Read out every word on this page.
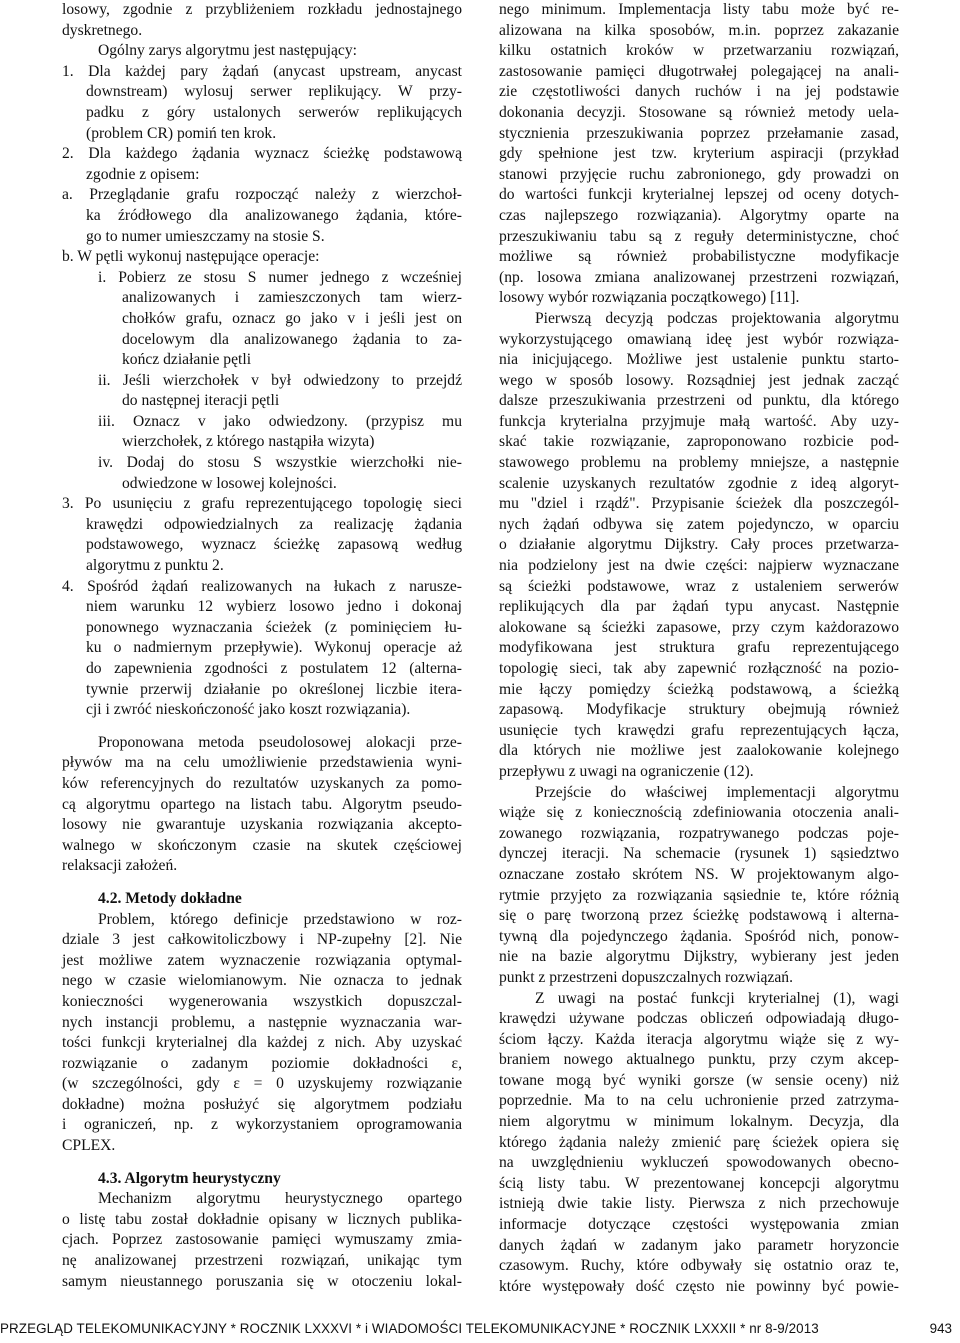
losowy, zgodnie z przybliżeniem rozkładu jednostajnego
dyskretnego.
Ogólny zarys algorytmu jest następujący:
1. Dla każdej pary żądań (anycast upstream, anycast
downstream) wylosuj serwer replikujący. W przy-
padku z góry ustalonych serwerów replikujących
(problem CR) pomiń ten krok.
2. Dla każdego żądania wyznacz ścieżkę podstawową
zgodnie z opisem:
a. Przeglądanie grafu rozpocząć należy z wierzchoł-
ka źródłowego dla analizowanego żądania, które-
go to numer umieszczamy na stosie S.
b. W pętli wykonuj następujące operacje:
i. Pobierz ze stosu S numer jednego z wcześniej
analizowanych i zamieszczonych tam wierz-
chołków grafu, oznacz go jako v i jeśli jest on
docelowym dla analizowanego żądania to za-
kończ działanie pętli
ii. Jeśli wierzchołek v był odwiedzony to przejdź
do następnej iteracji pętli
iii. Oznacz v jako odwiedzony. (przypisz mu
wierzchołek, z którego nastąpiła wizyta)
iv. Dodaj do stosu S wszystkie wierzchołki nie-
odwiedzone w losowej kolejności.
3. Po usunięciu z grafu reprezentującego topologię sieci
krawędzi odpowiedzialnych za realizację żądania
podstawowego, wyznacz ścieżkę zapasową według
algorytmu z punktu 2.
4. Spośród żądań realizowanych na łukach z naruszе-
niem warunku 12 wybierz losowo jedno i dokonaj
ponownego wyznaczania ścieżek (z pominięciem łu-
ku o nadmiernym przepływie). Wykonuj operacje aż
do zapewnienia zgodności z postulatem 12 (alterna-
tywnie przerwij działanie po określonej liczbie itera-
cji i zwróć nieskończoność jako koszt rozwiązania).
Proponowana metoda pseudolosowej alokacji prze-
pływów ma na celu umożliwienie przedstawienia wyni-
ków referencyjnych do rezultatów uzyskanych za pomo-
cą algorytmu opartego na listach tabu. Algorytm pseudo-
losowy nie gwarantuje uzyskania rozwiązania akcepto-
walnego w skończonym czasie na skutek częściowej
relaksacji założeń.
4.2. Metody dokładne
Problem, którego definicje przedstawiono w roz-
dziale 3 jest całkowitoliczbowy i NP-zupełny [2]. Nie
jest możliwe zatem wyznaczenie rozwiązania optymal-
nego w czasie wielomianowym. Nie oznacza to jednak
konieczności wygenerowania wszystkich dopuszczal-
nych instancji problemu, a następnie wyznaczania war-
tości funkcji kryterialnej dla każdej z nich. Aby uzyskać
rozwiązanie o zadanym poziomie dokładności ε,
(w szczególności, gdy ε = 0 uzyskujemy rozwiązanie
dokładne) można posłużyć się algorytmem podziału
i ograniczeń, np. z wykorzystaniem oprogramowania
CPLEX.
4.3. Algorytm heurystyczny
Mechanizm algorytmu heurystycznego opartego
o listę tabu został dokładnie opisany w licznych publika-
cjach. Poprzez zastosowanie pamięci wymuszamy zmia-
nę analizowanej przestrzeni rozwiązań, unikając tym
samym nieustannego poruszania się w otoczeniu lokal-
nego minimum. Implementacja listy tabu może być re-
alizowana na kilka sposobów, m.in. poprzez zakazanie
kilku ostatnich kroków w przetwarzaniu rozwiązań,
zastosowanie pamięci długotrwałej polegającej na anali-
zie częstotliwości danych ruchów i na jej podstawie
dokonania decyzji. Stosowane są również metody uela-
stycznienia przeszukiwania poprzez przełamanie zasad,
gdy spełnione jest tzw. kryterium aspiracji (przykład
stanowi przyjęcie ruchu zabronionego, gdy prowadzi on
do wartości funkcji kryterialnej lepszej od oceny dotych-
czas najlepszego rozwiązania). Algorytmy oparte na
przeszukiwaniu tabu są z reguły deterministyczne, choć
możliwe są również probabilistyczne modyfikacje
(np. losowa zmiana analizowanej przestrzeni rozwiązań,
losowy wybór rozwiązania początkowego) [11].
Pierwszą decyzją podczas projektowania algorytmu
wykorzystującego omawianą ideę jest wybór rozwiąza-
nia inicjującego. Możliwe jest ustalenie punktu starto-
wego w sposób losowy. Rozsądniej jest jednak zacząć
dalsze przeszukiwania przestrzeni od punktu, dla którego
funkcja kryterialna przyjmuje małą wartość. Aby uzy-
skać takie rozwiązanie, zaproponowano rozbicie pod-
stawowego problemu na problemy mniejsze, a następnie
scalenie uzyskanych rezultatów zgodnie z ideą algoryt-
mu "dziel i rządź". Przypisanie ścieżek dla poszczegól-
nych żądań odbywa się zatem pojedynczo, w oparciu
o działanie algorytmu Dijkstry. Cały proces przetwarza-
nia podzielony jest na dwie części: najpierw wyznaczane
są ścieżki podstawowe, wraz z ustaleniem serwerów
replikujących dla par żądań typu anycast. Następnie
alokowane są ścieżki zapasowe, przy czym każdorazowo
modyfikowana jest struktura grafu reprezentującego
topologię sieci, tak aby zapewnić rozłączność na pozio-
mie łączy pomiędzy ścieżką podstawową, a ścieżką
zapasową. Modyfikacje struktury obejmują również
usunięcie tych krawędzi grafu reprezentujących łącza,
dla których nie możliwe jest zaalokowanie kolejnego
przepływu z uwagi na ograniczenie (12).
Przejście do właściwej implementacji algorytmu
wiąże się z koniecznością zdefiniowania otoczenia anali-
zowanego rozwiązania, rozpatrywanego podczas poje-
dynczej iteracji. Na schemacie (rysunek 1) sąsiedztwo
oznaczane zostało skrótem NS. W projektowanym algo-
rytmie przyjęto za rozwiązania sąsiednie te, które różnią
się o parę tworzoną przez ścieżkę podstawową i alterna-
tywną dla pojedynczego żądania. Spośród nich, ponow-
nie na bazie algorytmu Dijkstry, wybierany jest jeden
punkt z przestrzeni dopuszczalnych rozwiązań.
Z uwagi na postać funkcji kryterialnej (1), wagi
krawędzi używane podczas obliczeń odpowiadają długo-
ściom łączy. Każda iteracja algorytmu wiąże się z wy-
braniem nowego aktualnego punktu, przy czym akcep-
towane mogą być wyniki gorsze (w sensie oceny) niż
poprzednie. Ma to na celu uchronienie przed zatrzyma-
niem algorytmu w minimum lokalnym. Decyzja, dla
którego żądania należy zmienić parę ścieżek opiera się
na uwzględnieniu wykluczeń spowodowanych obecno-
ścią listy tabu. W prezentowanej koncepcji algorytmu
istnieją dwie takie listy. Pierwsza z nich przechowuje
informacje dotyczące częstości występowania zmian
danych żądań w zadanym jako parametr horyzoncie
czasowym. Ruchy, które odbywały się ostatnio oraz te,
które występowały dość często nie powinny być powie-
PRZEGLĄD TELEKOMUNIKACYJNY * ROCZNIK LXXXVI * i WIADOMOŚCI TELEKOMUNIKACYJNE * ROCZNIK LXXXII * nr 8-9/2013	943
